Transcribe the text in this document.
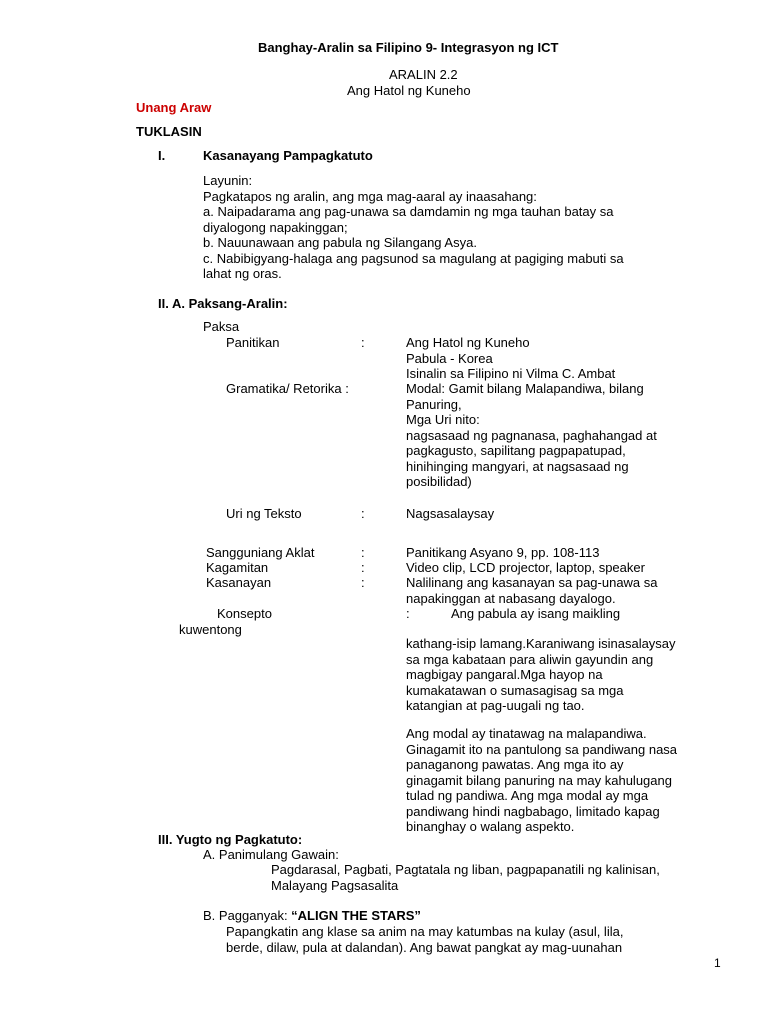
Banghay-Aralin sa Filipino 9- Integrasyon ng ICT
ARALIN 2.2
Ang Hatol ng Kuneho
Unang Araw
TUKLASIN
I.	Kasanayang Pampagkatuto
Layunin:
Pagkatapos ng aralin, ang mga mag-aaral ay inaasahang:
a. Naipadarama ang pag-unawa sa damdamin ng mga tauhan batay sa
diyalogong napakinggan;
b. Nauunawaan ang pabula ng Silangang Asya.
c. Nabibigyang-halaga ang pagsunod sa magulang at pagiging mabuti sa
lahat ng oras.
II. A. Paksang-Aralin:
Paksa
Panitikan	:	Ang Hatol ng Kuneho
Pabula - Korea
Isinalin sa Filipino ni Vilma C. Ambat
Gramatika/ Retorika :	Modal: Gamit bilang Malapandiwa, bilang
Panuring,
Mga Uri nito:
nagsasaad ng pagnanasa, paghahangad at
pagkagusto, sapilitang pagpapatupad,
hinihinging mangyari, at nagsasaad ng
posibilidad)
Uri ng Teksto	:	Nagsasalaysay
Sangguniang Aklat	:	Panitikang Asyano 9, pp. 108-113
Kagamitan	:	Video clip, LCD projector, laptop, speaker
Kasanayan	:	Nalilinang ang kasanayan sa pag-unawa sa
napakinggan at nabasang dayalogo.
Konsepto	:	Ang pabula ay isang maikling
kuwentong
kathang-isip lamang.Karaniwang isinasalaysay
sa mga kabataan para aliwin gayundin ang
magbigay pangaral.Mga hayop na
kumakatawan o sumasagisag sa mga
katangian at pag-uugali ng tao.
Ang modal ay tinatawag na malapandiwa.
Ginagamit ito na pantulong sa pandiwang nasa
panaganong pawatas. Ang mga ito ay
ginagamit bilang panuring na may kahulugang
tulad ng pandiwa. Ang mga modal ay mga
pandiwang hindi nagbabago, limitado kapag
binanghay o walang aspekto.
III. Yugto ng Pagkatuto:
A. Panimulang Gawain:
Pagdarasal, Pagbati, Pagtatala ng liban, pagpapanatili ng kalinisan,
Malayang Pagsasalita
B. Pagganyak: “ALIGN THE STARS”
Papangkatin ang klase sa anim na may katumbas na kulay (asul, lila,
berde, dilaw, pula at dalandan). Ang bawat pangkat ay mag-uunahan
1
